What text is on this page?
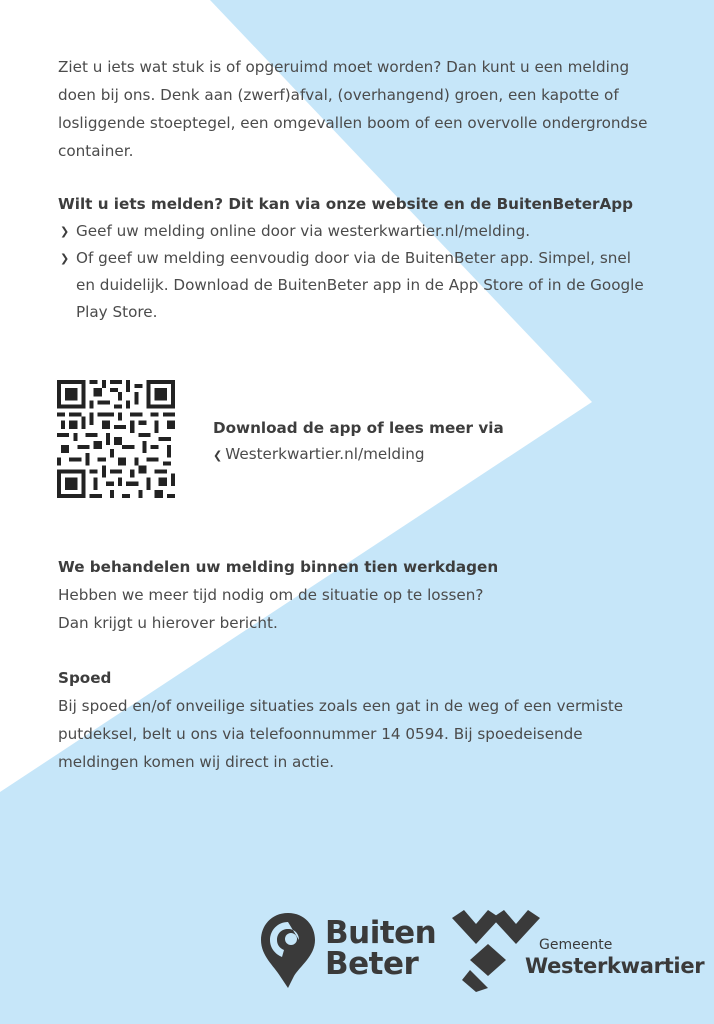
Ziet u iets wat stuk is of opgeruimd moet worden? Dan kunt u een melding doen bij ons. Denk aan (zwerf)afval, (overhangend) groen, een kapotte of losliggende stoeptegel, een omgevallen boom of een overvolle ondergrondse container.

Wilt u iets melden? Dit kan via onze website en de BuitenBeterApp
❯ Geef uw melding online door via westerkwartier.nl/melding.
❯ Of geef uw melding eenvoudig door via de BuitenBeter app. Simpel, snel en duidelijk. Download de BuitenBeter app in de App Store of in de Google Play Store.
Download de app of lees meer via
❮ Westerkwartier.nl/melding
We behandelen uw melding binnen tien werkdagen

Hebben we meer tijd nodig om de situatie op te lossen? Dan krijgt u hierover bericht.

Spoed

Bij spoed en/of onveilige situaties zoals een gat in de weg of een vermiste putdeksel, belt u ons via telefoonnummer 14 0594. Bij spoedeisende meldingen komen wij direct in actie.

Buiten Beter
Gemeente
Westerkwartier
